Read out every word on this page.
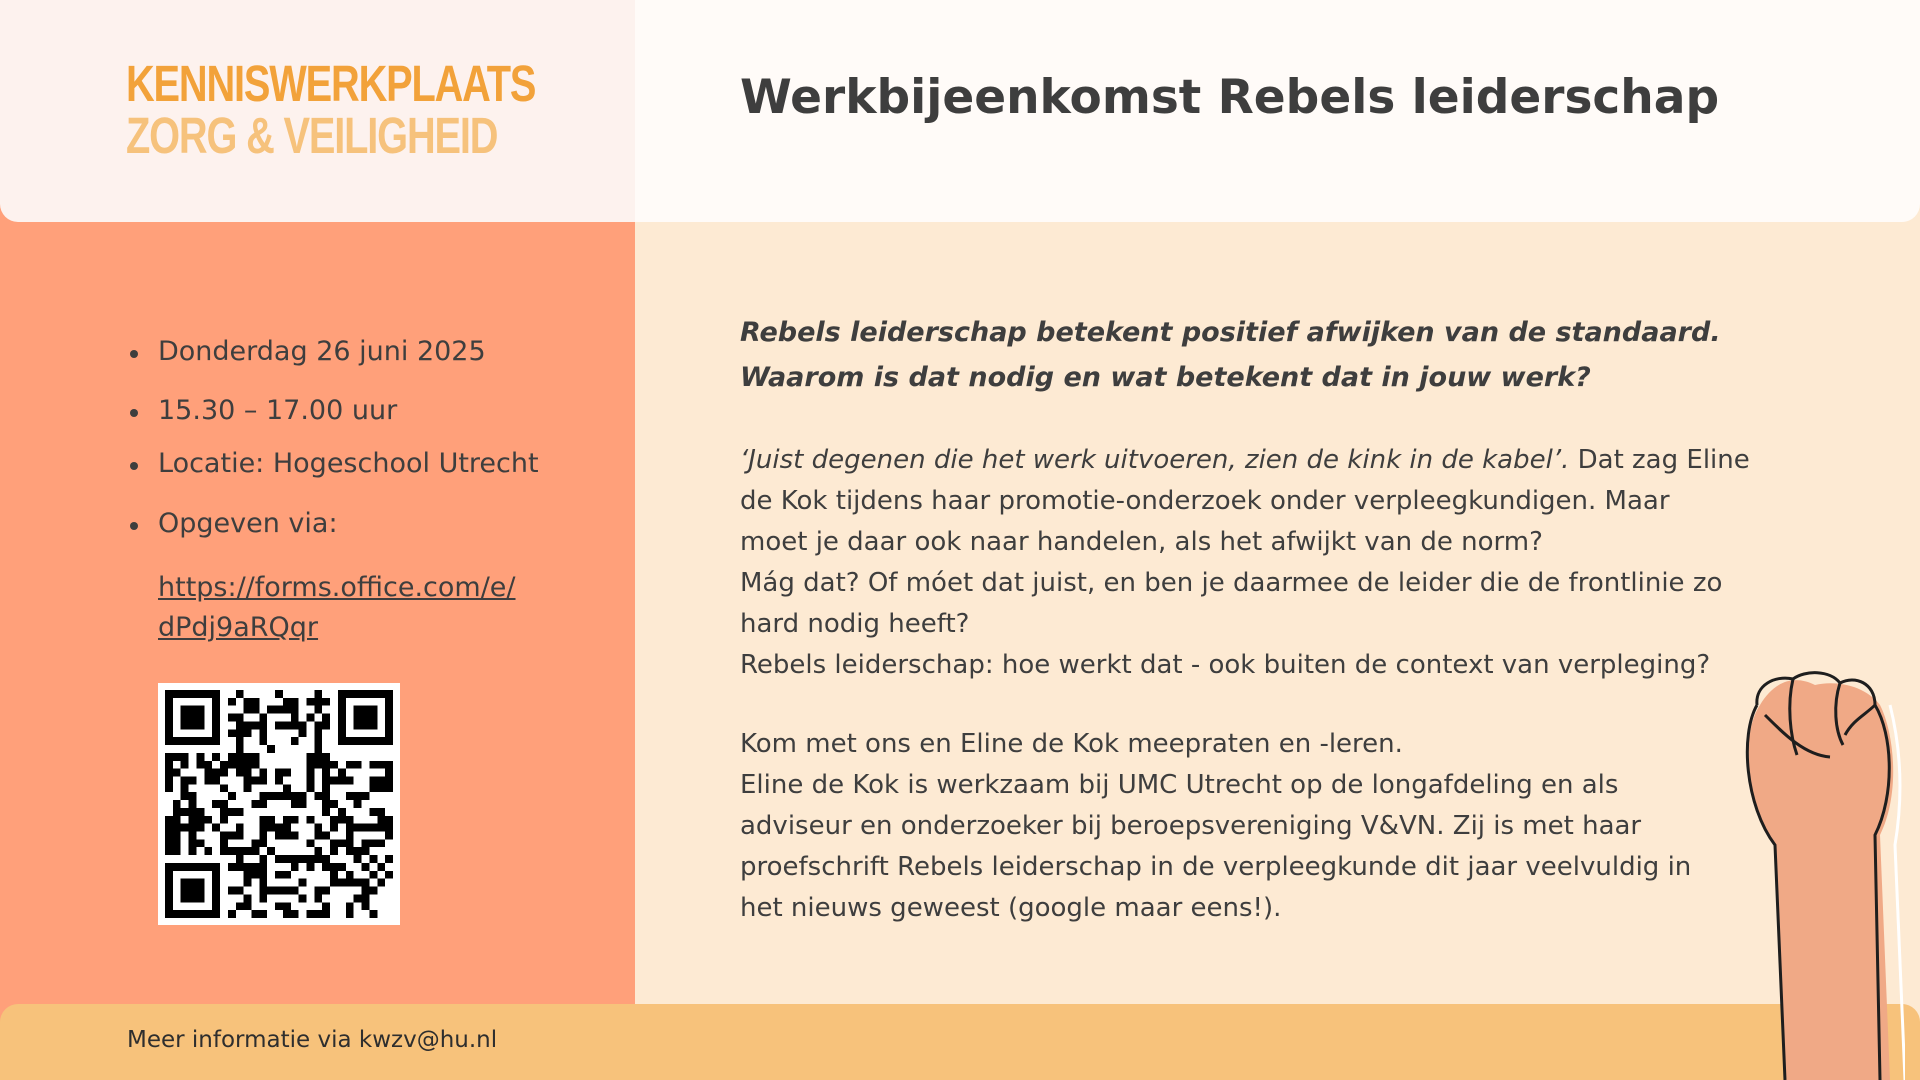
KENNISWERKPLAATS
ZORG & VEILIGHEID
Werkbijeenkomst Rebels leiderschap
Donderdag 26 juni 2025
15.30 – 17.00 uur
Locatie: Hogeschool Utrecht
Opgeven via:
https://forms.office.com/e/
dPdj9aRQqr
Rebels leiderschap betekent positief afwijken van de standaard.
Waarom is dat nodig en wat betekent dat in jouw werk?
‘Juist degenen die het werk uitvoeren, zien de kink in de kabel’. Dat zag Eline
de Kok tijdens haar promotie-onderzoek onder verpleegkundigen. Maar
moet je daar ook naar handelen, als het afwijkt van de norm?
Mág dat? Of móet dat juist, en ben je daarmee de leider die de frontlinie zo
hard nodig heeft?
Rebels leiderschap: hoe werkt dat - ook buiten de context van verpleging?
Kom met ons en Eline de Kok meepraten en -leren.
Eline de Kok is werkzaam bij UMC Utrecht op de longafdeling en als
adviseur en onderzoeker bij beroepsvereniging V&VN. Zij is met haar
proefschrift Rebels leiderschap in de verpleegkunde dit jaar veelvuldig in
het nieuws geweest (google maar eens!).
Meer informatie via kwzv@hu.nl
